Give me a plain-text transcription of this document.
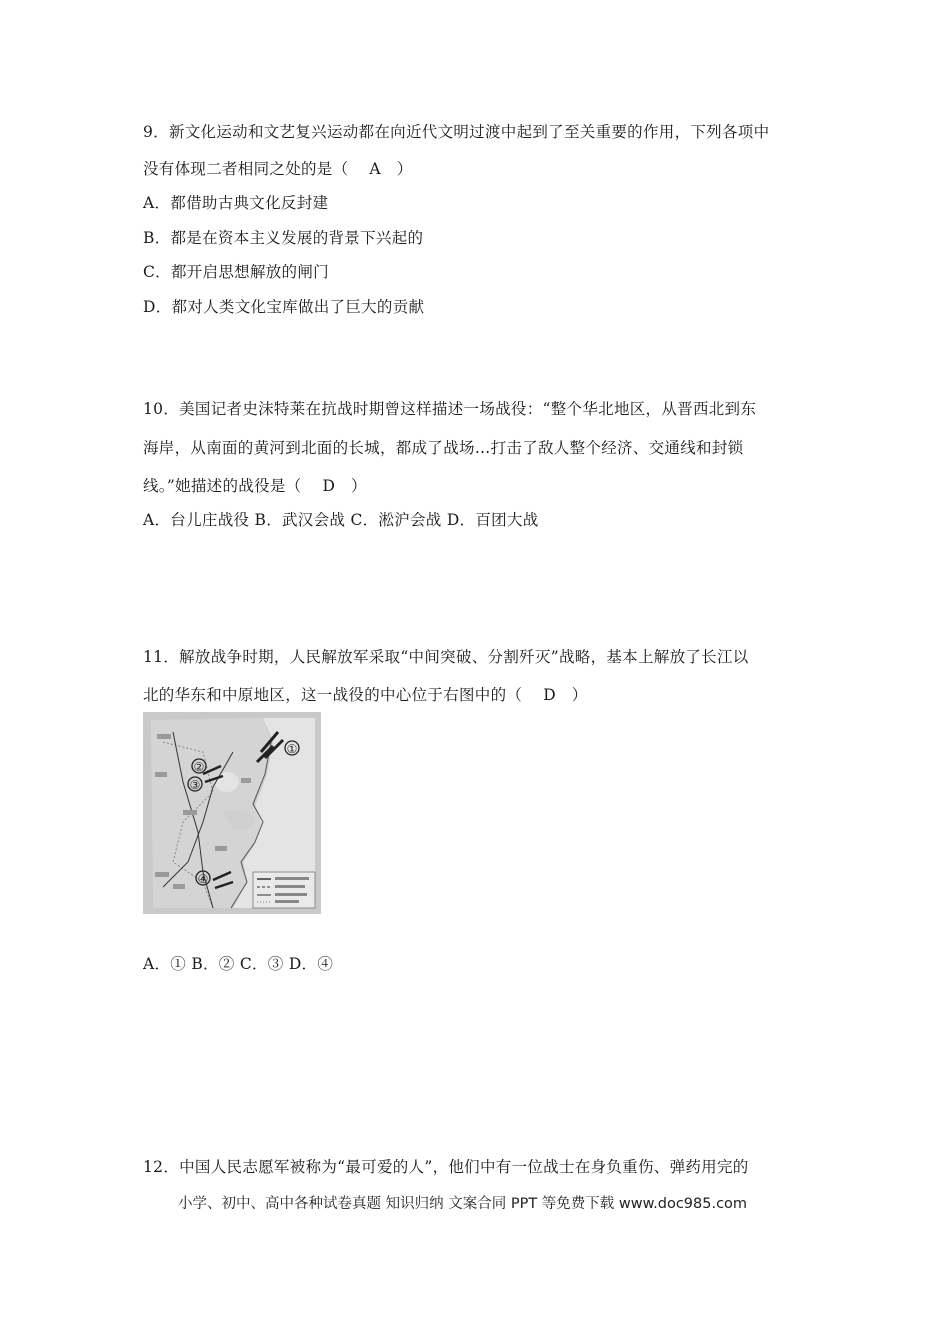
9．新文化运动和文艺复兴运动都在向近代文明过渡中起到了至关重要的作用，下列各项中
没有体现二者相同之处的是（　 A　）
A．都借助古典文化反封建
B．都是在资本主义发展的背景下兴起的
C．都开启思想解放的闸门
D．都对人类文化宝库做出了巨大的贡献
10．美国记者史沫特莱在抗战时期曾这样描述一场战役：“整个华北地区，从晋西北到东
海岸，从南面的黄河到北面的长城，都成了战场…打击了敌人整个经济、交通线和封锁
线。”她描述的战役是（　 D　）
A．台儿庄战役 B．武汉会战 C．淞沪会战 D．百团大战
11．解放战争时期，人民解放军采取“中间突破、分割歼灭”战略，基本上解放了长江以
北的华东和中原地区，这一战役的中心位于右图中的（　 D　）
①
②
③
④
A．① B．② C．③ D．④
12．中国人民志愿军被称为“最可爱的人”，他们中有一位战士在身负重伤、弹药用完的
小学、初中、高中各种试卷真题 知识归纳 文案合同 PPT 等免费下载 www.doc985.com
